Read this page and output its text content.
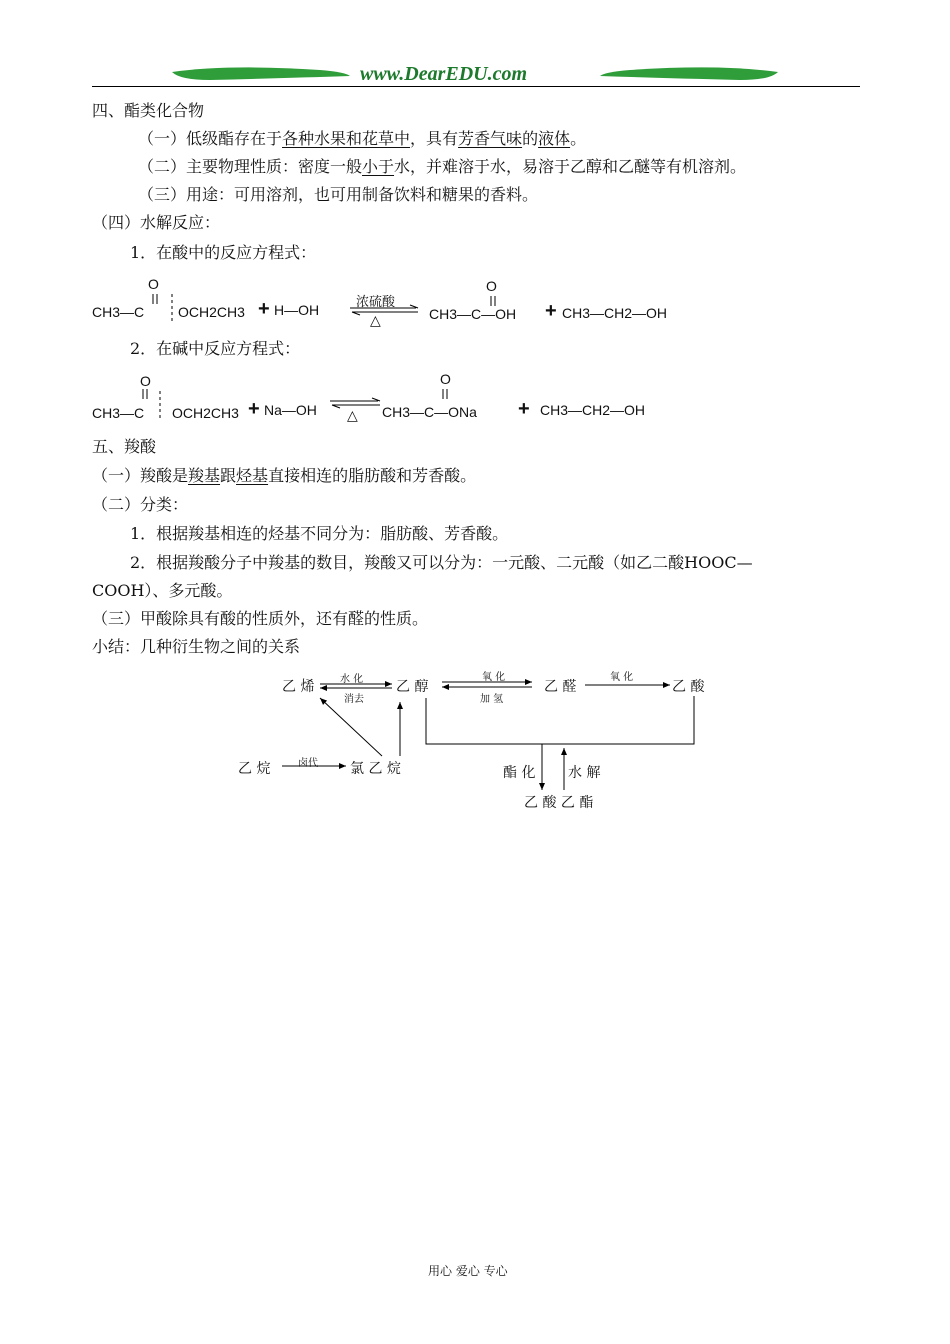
www.DearEDU.com
四、酯类化合物
（一）低级酯存在于各种水果和花草中，具有芳香气味的液体。
（二）主要物理性质：密度一般小于水，并难溶于水，易溶于乙醇和乙醚等有机溶剂。
（三）用途：可用溶剂，也可用制备饮料和糖果的香料。
（四）水解反应：
1．在酸中的反应方程式：
CH3—C
O
OCH2CH3 + H—OH	浓硫酸
△	CH3—C—OH
O
+ CH3—CH2—OH
2．在碱中反应方程式：
CH3—C
O
OCH2CH3 + Na—OH △ CH3—C—ONa
O
+ CH3—CH2—OH
五、羧酸
（一）羧酸是羧基跟烃基直接相连的脂肪酸和芳香酸。
（二）分类：
1．根据羧基相连的烃基不同分为：脂肪酸、芳香酸。
2．根据羧酸分子中羧基的数目，羧酸又可以分为：一元酸、二元酸（如乙二酸HOOC—
COOH）、多元酸。
（三）甲酸除具有酸的性质外，还有醛的性质。
小结：几种衍生物之间的关系
乙 烯	乙 醇	乙 醛	乙 酸
乙 烷	氯 乙 烷
乙 酸 乙 酯
水 化
消去
氧 化
加 氢
氧 化
卤代
酯 化 水 解
用心 爱心 专心
